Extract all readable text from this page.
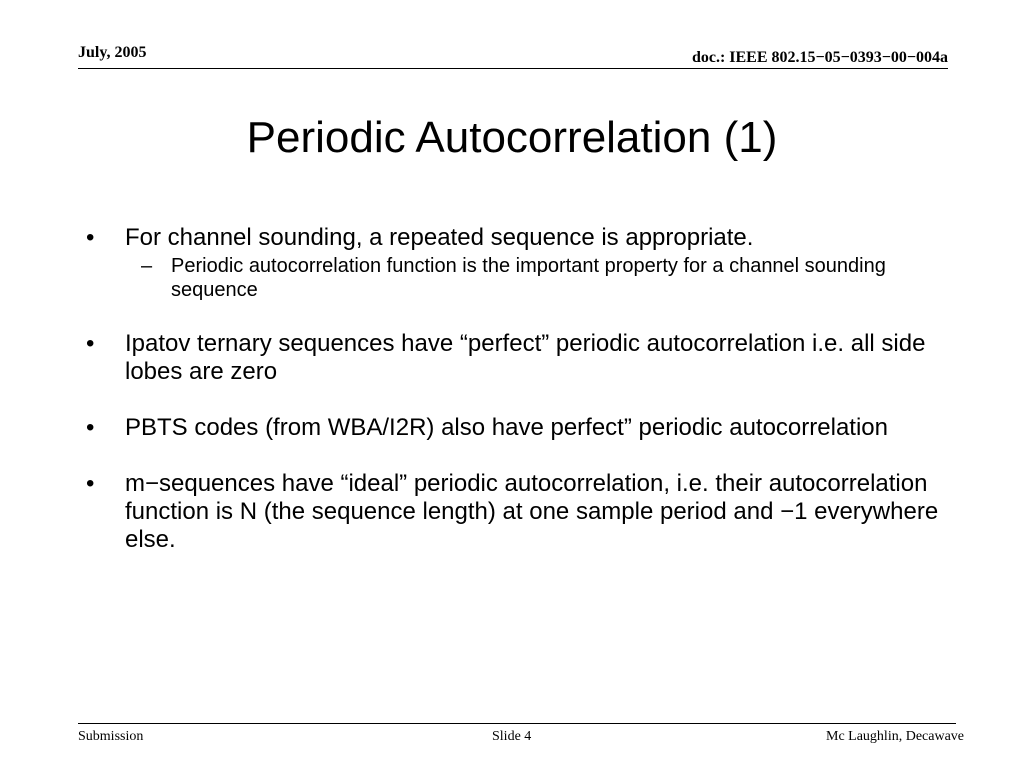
July, 2005	doc.: IEEE 802.15−05−0393−00−004a
Periodic Autocorrelation (1)
• For channel sounding, a repeated sequence is appropriate.
– Periodic autocorrelation function is the important property for a channel sounding sequence
• Ipatov ternary sequences have “perfect” periodic autocorrelation i.e. all side lobes are zero
• PBTS codes (from WBA/I2R) also have perfect” periodic autocorrelation
• m−sequences have “ideal” periodic autocorrelation, i.e. their autocorrelation function is N (the sequence length) at one sample period and −1 everywhere else.
Submission	Slide 4	Mc Laughlin, Decawave
